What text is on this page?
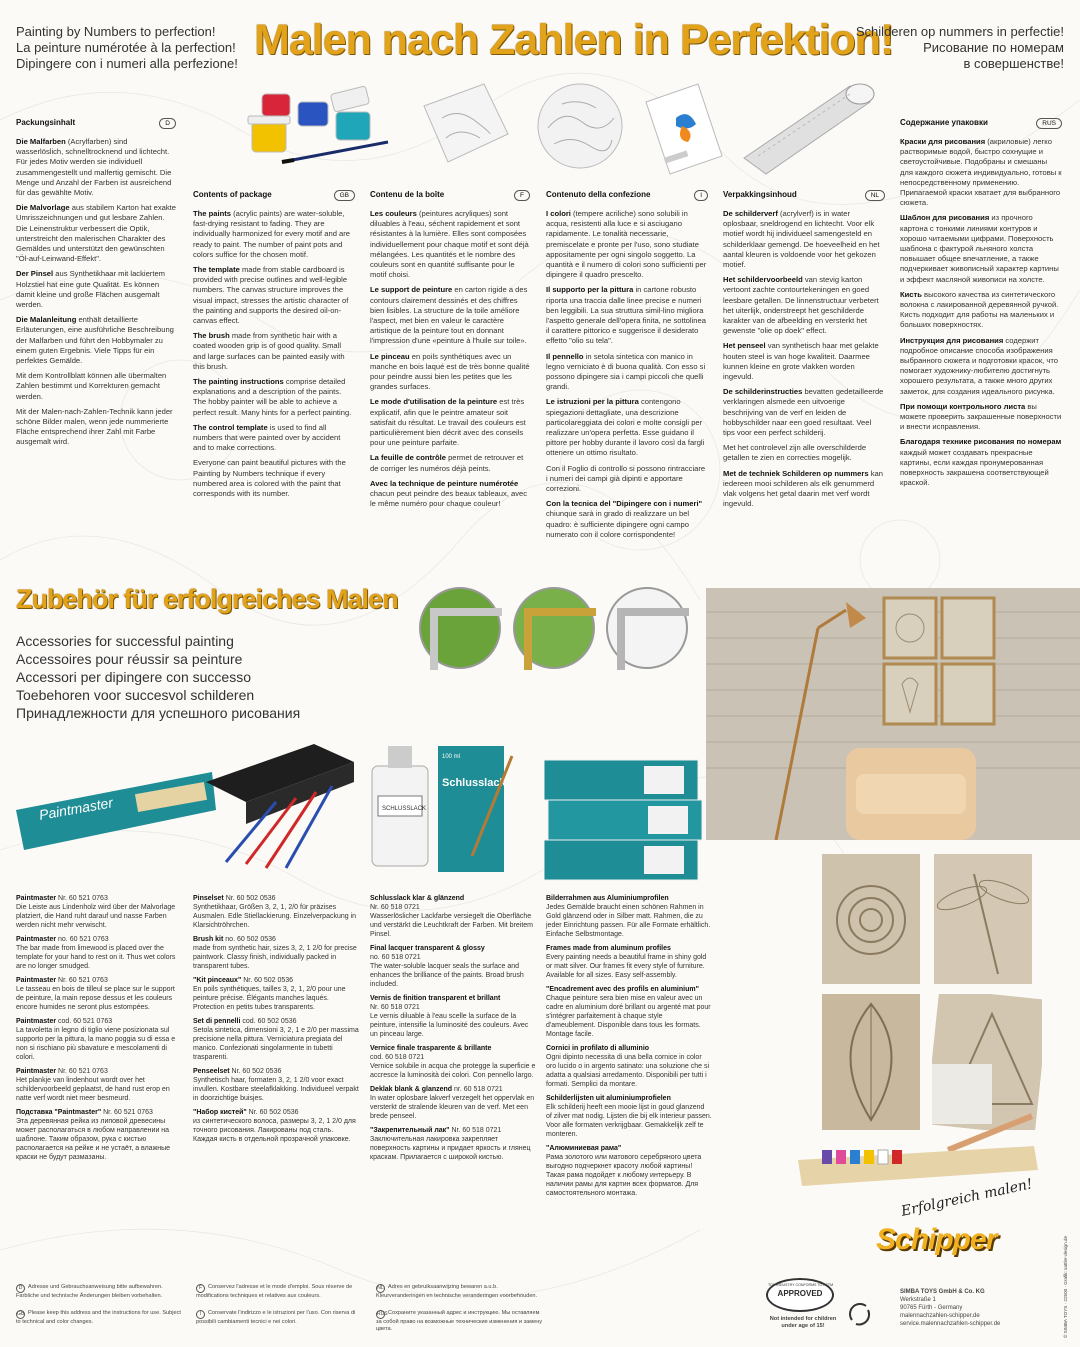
Painting by Numbers to perfection!
La peinture numérotée à la perfection!
Dipingere con i numeri alla perfezione! Malen nach Zahlen in Perfektion!
Schilderen op nummers in perfectie!
Рисование по номерам
в совершенстве!
Packungsinhalt	D

Die Malfarben (Acrylfarben) sind wasserlöslich, schnelltrocknend und lichtecht. Für jedes Motiv werden sie individuell zusammengestellt und malfertig gemischt. Die Menge und Anzahl der Farben ist ausreichend für das gewählte Motiv.

Die Malvorlage aus stabilem Karton hat exakte Umrisszeichnungen und gut lesbare Zahlen. Die Leinenstruktur verbessert die Optik, unterstreicht den malerischen Charakter des Gemäldes und unterstützt den gewünschten "Öl-auf-Leinwand-Effekt".

Der Pinsel aus Synthetikhaar mit lackiertem Holzstiel hat eine gute Qualität. Es können damit kleine und große Flächen ausgemalt werden.

Die Malanleitung enthält detaillierte Erläuterungen, eine ausführliche Beschreibung der Malfarben und führt den Hobbymaler zu einem guten Ergebnis. Viele Tipps für ein perfektes Gemälde.

Mit dem Kontrollblatt können alle übermalten Zahlen bestimmt und Korrekturen gemacht werden.

Mit der Malen-nach-Zahlen-Technik kann jeder schöne Bilder malen, wenn jede nummerierte Fläche entsprechend ihrer Zahl mit Farbe ausgemalt wird.

Contents of package	GB

The paints (acrylic paints) are water-soluble, fast-drying resistant to fading. They are individually harmonized for every motif and are ready to paint. The number of paint pots and colors suffice for the chosen motif.

The template made from stable cardboard is provided with precise outlines and well-legible numbers. The canvas structure improves the visual impact, stresses the artistic character of the painting and supports the desired oil-on-canvas effect.

The brush made from synthetic hair with a coated wooden grip is of good quality. Small and large surfaces can be painted easily with this brush.

The painting instructions comprise detailed explanations and a description of the paints. The hobby painter will be able to achieve a perfect result. Many hints for a perfect painting.

The control template is used to find all numbers that were painted over by accident and to make corrections.

Everyone can paint beautiful pictures with the Painting by Numbers technique if every numbered area is colored with the paint that corresponds with its number.

Contenu de la boîte	F

Les couleurs (peintures acryliques) sont diluables à l'eau, séchent rapidement et sont résistantes à la lumière. Elles sont composées individuellement pour chaque motif et sont déjà mélangées. Les quantités et le nombre des couleurs sont en quantité suffisante pour le motif choisi.

Le support de peinture en carton rigide a des contours clairement dessinés et des chiffres bien lisibles. La structure de la toile améliore l'aspect, met bien en valeur le caractère artistique de la peinture tout en donnant l'impression d'une «peinture à l'huile sur toile».

Le pinceau en poils synthétiques avec un manche en bois laqué est de très bonne qualité pour peindre aussi bien les petites que les grandes surfaces.

Le mode d'utilisation de la peinture est très explicatif, afin que le peintre amateur soit satisfait du résultat. Le travail des couleurs est particulièrement bien décrit avec des conseils pour une peinture parfaite.

La feuille de contrôle permet de retrouver et de corriger les numéros déjà peints.

Avec la technique de peinture numérotée chacun peut peindre des beaux tableaux, avec le même numéro pour chaque couleur!

Contenuto della confezione	I

I colori (tempere acriliche) sono solubili in acqua, resistenti alla luce e si asciugano rapidamente. Le tonalità necessarie, premiscelate e pronte per l'uso, sono studiate appositamente per ogni singolo soggetto. La quantità e il numero di colori sono sufficienti per dipingere il quadro prescelto.

Il supporto per la pittura in cartone robusto riporta una traccia dalle linee precise e numeri ben leggibili. La sua struttura simil-lino migliora l'aspetto generale dell'opera finita, ne sottolinea il carattere pittorico e suggerisce il desiderato effetto "olio su tela".

Il pennello in setola sintetica con manico in legno verniciato è di buona qualità. Con esso si possono dipingere sia i campi piccoli che quelli grandi.

Le istruzioni per la pittura contengono spiegazioni dettagliate, una descrizione particolareggiata dei colori e molte consigli per realizzare un'opera perfetta. Esse guidano il pittore per hobby durante il lavoro così da fargli ottenere un ottimo risultato.

Con il Foglio di controllo si possono rintracciare i numeri dei campi già dipinti e apportare correzioni.

Con la tecnica del "Dipingere con i numeri" chiunque sarà in grado di realizzare un bel quadro: è sufficiente dipingere ogni campo numerato con il colore corrispondente!

Verpakkingsinhoud	NL

De schilderverf (acrylverf) is in water oplosbaar, sneldrogend en lichtecht. Voor elk motief wordt hij individueel samengesteld en schilderklaar gemengd. De hoeveelheid en het aantal kleuren is voldoende voor het gekozen motief.

Het schildervoorbeeld van stevig karton vertoont zachte contourtekeningen en goed leesbare getallen. De linnenstructuur verbetert het uiterlijk, onderstreept het geschilderde karakter van de afbeelding en versterkt het gewenste "olie op doek" effect.

Het penseel van synthetisch haar met gelakte houten steel is van hoge kwaliteit. Daarmee kunnen kleine en grote vlakken worden ingevuld.

De schilderinstructies bevatten gedetailleerde verklaringen alsmede een uitvoerige beschrijving van de verf en leiden de hobbyschilder naar een goed resultaat. Veel tips voor een perfect schilderij.

Met het controlevel zijn alle overschilderde getallen te zien en correcties mogelijk.

Met de techniek Schilderen op nummers kan iedereen mooi schilderen als elk genummerd vlak volgens het getal daarin met verf wordt ingevuld.

Содержание упаковки	RUS

Краски для рисования (акриловые) легко растворимые водой, быстро сохнущие и светоустойчивые. Подобраны и смешаны для каждого сюжета индивидуально, готовы к непосредственному применению. Припагаемой краски хватает для выбранного сюжета.

Шаблон для рисования из прочного картона с тонкими линиями контуров и хорошо читаемыми цифрами. Поверхность шаблона с фактурой льняного холста повышает общее впечатление, а также подчеркивает живописный характер картины и эффект масляной живописи на холсте.

Кисть высокого качества из синтетического волокна с лакированной деревянной ручкой. Кисть подходит для работы на маленьких и больших поверхностях.

Инструкция для рисования содержит подробное описание способа изображения выбранного сюжета и подготовки красок, что помогает художнику-любителю достигнуть хорошего результата, а также много других заметок, для создания идеального рисунка.

При помощи контрольного листа вы можете проверить закрашенные поверхности и внести исправления.

Благодаря технике рисования по номерам каждый может создавать прекрасные картины, если каждая пронумерованная поверхность закрашена соответствующей краской.

Zubehör für erfolgreiches Malen
Accessories for successful painting
Accessoires pour réussir sa peinture
Accessori per dipingere con successo
Toebehoren voor succesvol schilderen
Принадлежности для успешного рисования
Paintmaster	SCHLUSSLACK
100 ml
Schlusslack

Paintmaster Nr. 60 521 0763
Die Leiste aus Lindenholz wird über der Malvorlage platziert, die Hand ruht darauf und nasse Farben werden nicht mehr verwischt.

Paintmaster no. 60 521 0763
The bar made from limewood is placed over the template for your hand to rest on it. Thus wet colors are no longer smudged.

Paintmaster Nr. 60 521 0763
Le tasseau en bois de tilleul se place sur le support de peinture, la main repose dessus et les couleurs encore humides ne seront plus estompées.

Paintmaster cod. 60 521 0763
La tavoletta in legno di tiglio viene posizionata sul supporto per la pittura, la mano poggia su di essa e non si rischiano più sbavature e mescolamenti di colori.

Paintmaster Nr. 60 521 0763
Het plankje van lindenhout wordt over het schildervoorbeeld geplaatst, de hand rust erop en natte verf wordt niet meer besmeurd.

Подставка "Paintmaster" Nr. 60 521 0763
Эта деревянная рейка из липовой древесины может располагаться в любом направлении на шаблоне. Таким образом, рука с кистью располагается на рейке и не устаёт, а влажные краски не будут размазаны.

Pinselset Nr. 60 502 0536
Synthetikhaar, Größen 3, 2, 1, 2/0 für präzises Ausmalen. Edle Stiellackierung. Einzelverpackung in Klarsichtröhrchen.

Brush kit no. 60 502 0536
made from synthetic hair, sizes 3, 2, 1 2/0 for precise paintwork. Classy finish, individually packed in transparent tubes.

"Kit pinceaux" Nr. 60 502 0536
En poils synthétiques, tailles 3, 2, 1, 2/0 pour une peinture précise. Élégants manches laqués. Protection en petits tubes transparents.

Set di pennelli cod. 60 502 0536
Setola sintetica, dimensioni 3, 2, 1 e 2/0 per massima precisione nella pittura. Verniciatura pregiata del manico. Confezionati singolarmente in tubetti trasparenti.

Penseelset Nr. 60 502 0536
Synthetisch haar, formaten 3, 2, 1 2/0 voor exact invullen. Kostbare steelafklakking. Individueel verpakt in doorzichtige buisjes.

"Набор кистей" Nr. 60 502 0536
из синтетического волоса, размеры 3, 2, 1 2/0 для точного рисования. Лакированы под сталь. Каждая кисть в отдельной прозрачной упаковке.

Schlusslack klar & glänzend
Nr. 60 518 0721
Wasserlöslicher Lackfarbe versiegelt die Oberfläche und verstärkt die Leuchtkraft der Farben. Mit breitem Pinsel.

Final lacquer transparent & glossy
no. 60 518 0721
The water-soluble lacquer seals the surface and enhances the brilliance of the paints. Broad brush included.

Vernis de finition transparent et brillant
Nr. 60 518 0721
Le vernis diluable à l'eau scelle la surface de la peinture, intensifie la luminosité des couleurs. Avec un pinceau large.

Vernice finale trasparente & brillante
cod. 60 518 0721
Vernice solubile in acqua che protegge la superficie e accresce la luminosità dei colori. Con pennello largo.

Deklak blank & glanzend nr. 60 518 0721
In water oplosbare lakverf verzegelt het oppervlak en versterkt de stralende kleuren van de verf. Met een brede penseel.

"Закрепительный лак" Nr. 60 518 0721
Заключительная лакировка закрепляет поверхность картины и придает яркость и глянец краскам. Прилагается с широкой кистью.

Bilderrahmen aus Aluminiumprofilen
Jedes Gemälde braucht einen schönen Rahmen in Gold glänzend oder in Silber matt. Rahmen, die zu jeder Einrichtung passen. Für alle Formate erhältlich. Einfache Selbstmontage.

Frames made from aluminum profiles
Every painting needs a beautiful frame in shiny gold or matt silver. Our frames fit every style of furniture. Available for all sizes. Easy self-assembly.

"Encadrement avec des profils en aluminium"
Chaque peinture sera bien mise en valeur avec un cadre en aluminium doré brillant ou argenté mat pour s'intégrer parfaitement à chaque style d'ameublement. Disponible dans tous les formats. Montage facile.

Cornici in profilato di alluminio
Ogni dipinto necessita di una bella cornice in color oro lucido o in argento satinato: una soluzione che si adatta a qualsiasi arredamento. Disponibili per tutti i formati. Semplici da montare.

Schilderlijsten uit aluminiumprofielen
Elk schilderij heeft een mooie lijst in goud glanzend of zilver mat nodig. Lijsten die bij elk interieur passen. Voor alle formaten verkrijgbaar. Gemakkelijk zelf te monteren.

"Алюминиевая рама"
Рама золотого или матового серебряного цвета выгодно подчеркнет красоту любой картины! Такая рама подойдет к любому интерьеру. В наличии рамы для картин всех форматов. Для самостоятельного монтажа.	Erfolgreich malen!
Schipper
D Adresse und Gebrauchsanweisung bitte aufbewahren. Farbliche und technische Änderungen bleiben vorbehalten.
F Conservez l'adresse et le mode d'emploi. Sous réserve de modifications techniques et relatives aux couleurs.
NL Adres en gebruiksaanwijzing bewaren a.u.b. Kleurveranderingen en technische veranderingen voorbehouden.
GB Please keep this address and the instructions for use. Subject to technical and color changes.
I Conservate l'indirizzo e le istruzioni per l'uso. Con riserva di possibili cambiamenti tecnici e nei colori.
RUSСохраните указанный адрес и инструкцию. Мы оставляем за собой право на возможные технические изменения и замену цвета.
TOY INDUSTRY CONFORMS TO ASTM
APPROVED
Not intended for children under age of 15!
SIMBA TOYS GmbH & Co. KG
Werkstraße 1
90765 Fürth - Germany
malennachzahlen-schipper.de
service.malennachzahlen-schipper.de	© SIMBA TOYS · 22500 · Grafik: sattler-design.de
